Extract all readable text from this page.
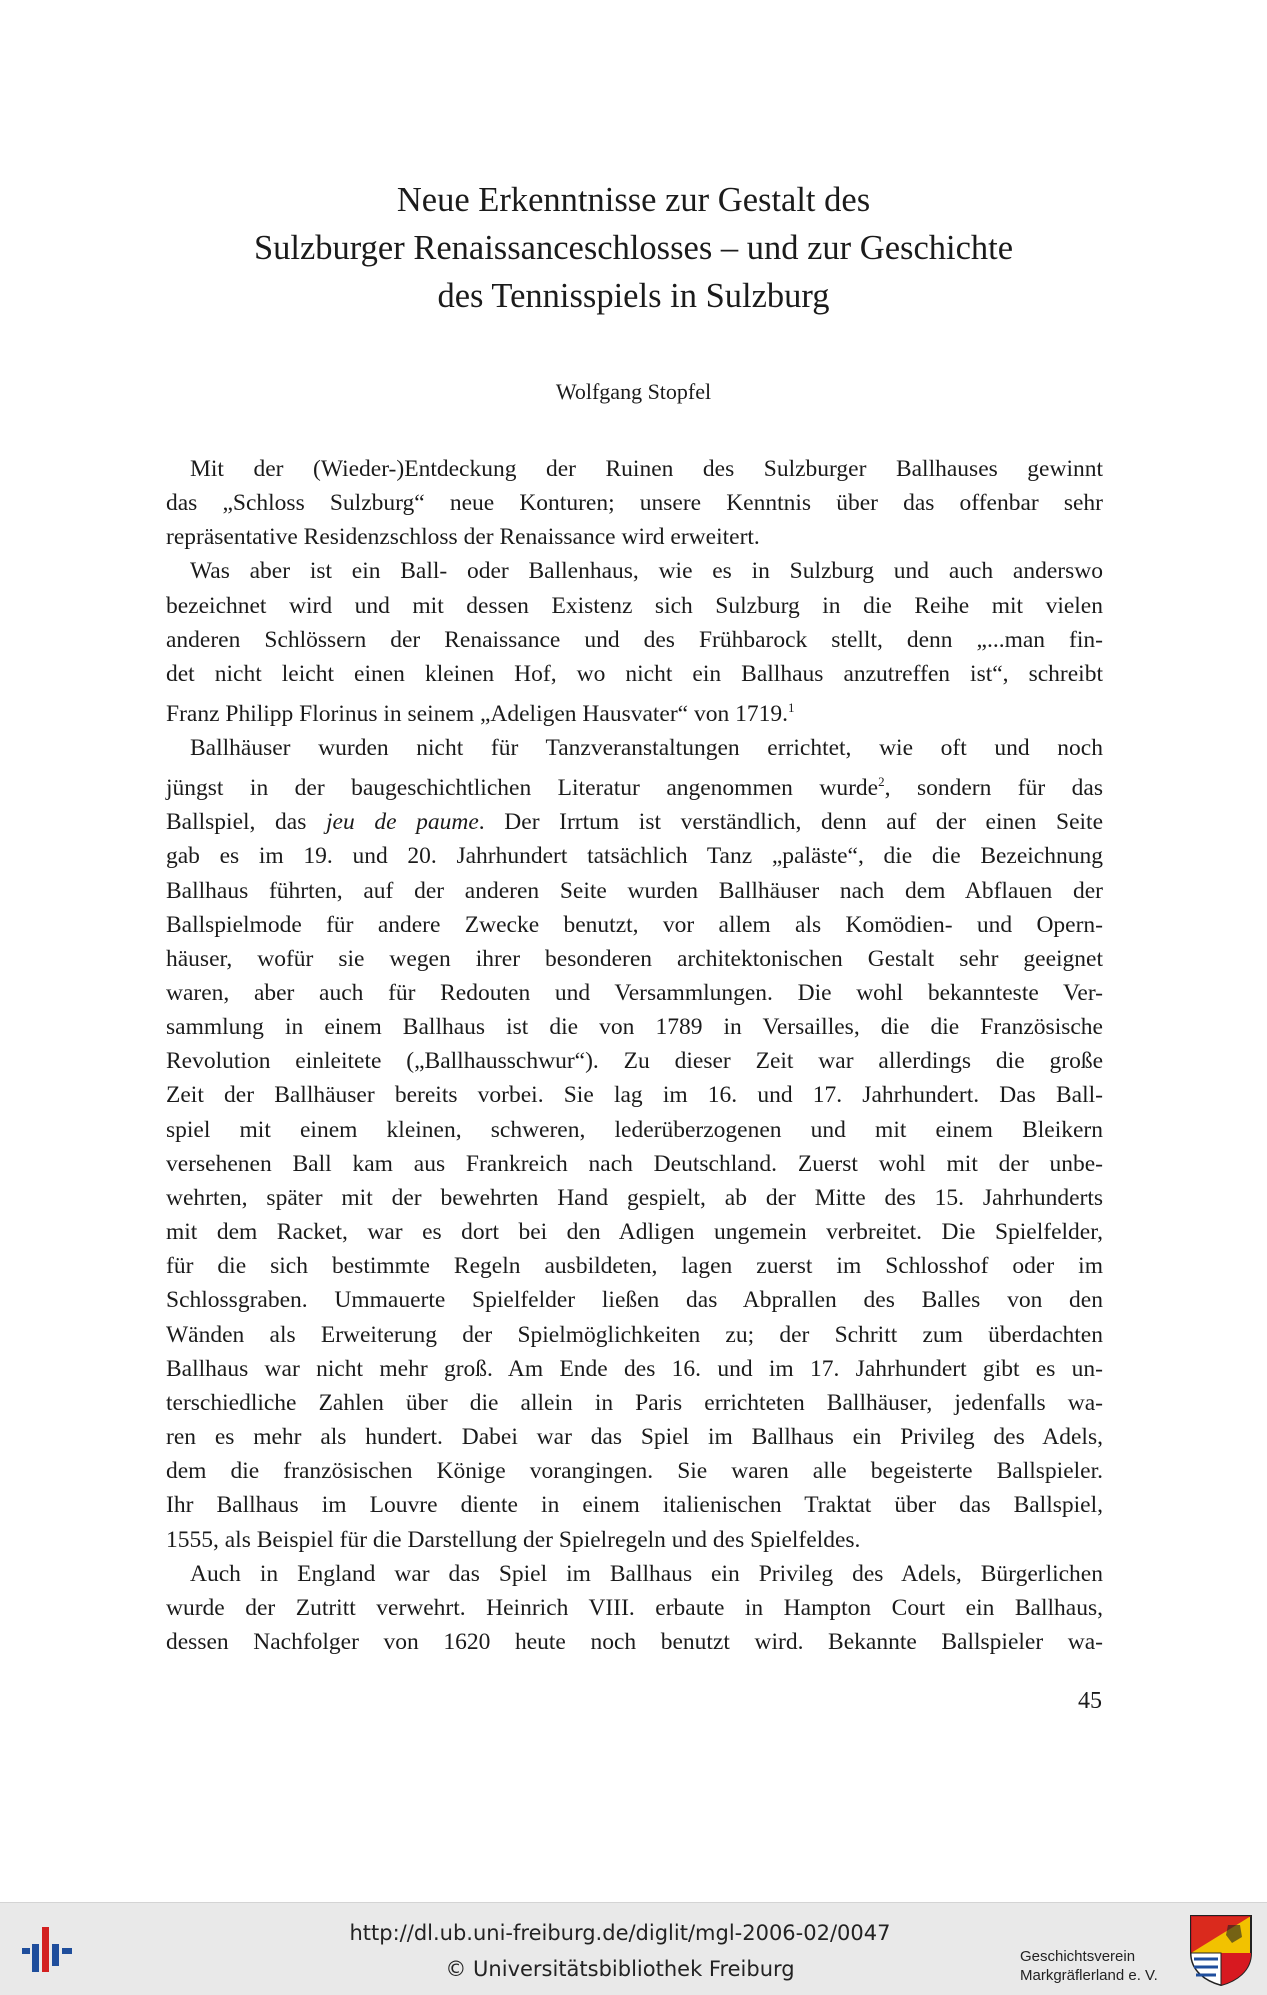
Neue Erkenntnisse zur Gestalt des
Sulzburger Renaissanceschlosses – und zur Geschichte
des Tennisspiels in Sulzburg
Wolfgang Stopfel

Mit der (Wieder-)Entdeckung der Ruinen des Sulzburger Ballhauses gewinnt

das „Schloss Sulzburg“ neue Konturen; unsere Kenntnis über das offenbar sehr

repräsentative Residenzschloss der Renaissance wird erweitert.

Was aber ist ein Ball- oder Ballenhaus, wie es in Sulzburg und auch anderswo

bezeichnet wird und mit dessen Existenz sich Sulzburg in die Reihe mit vielen

anderen Schlössern der Renaissance und des Frühbarock stellt, denn „...man fin-

det nicht leicht einen kleinen Hof, wo nicht ein Ballhaus anzutreffen ist“, schreibt

Franz Philipp Florinus in seinem „Adeligen Hausvater“ von 1719.$^1$

Ballhäuser wurden nicht für Tanzveranstaltungen errichtet, wie oft und noch

jüngst in der baugeschichtlichen Literatur angenommen wurde$^2$, sondern für das

Ballspiel, das jeu de paume. Der Irrtum ist verständlich, denn auf der einen Seite

gab es im 19. und 20. Jahrhundert tatsächlich Tanz „paläste“, die die Bezeichnung

Ballhaus führten, auf der anderen Seite wurden Ballhäuser nach dem Abflauen der

Ballspielmode für andere Zwecke benutzt, vor allem als Komödien- und Opern-

häuser, wofür sie wegen ihrer besonderen architektonischen Gestalt sehr geeignet

waren, aber auch für Redouten und Versammlungen. Die wohl bekannteste Ver-

sammlung in einem Ballhaus ist die von 1789 in Versailles, die die Französische

Revolution einleitete („Ballhausschwur“). Zu dieser Zeit war allerdings die große

Zeit der Ballhäuser bereits vorbei. Sie lag im 16. und 17. Jahrhundert. Das Ball-

spiel mit einem kleinen, schweren, lederüberzogenen und mit einem Bleikern

versehenen Ball kam aus Frankreich nach Deutschland. Zuerst wohl mit der unbe-

wehrten, später mit der bewehrten Hand gespielt, ab der Mitte des 15. Jahrhunderts

mit dem Racket, war es dort bei den Adligen ungemein verbreitet. Die Spielfelder,

für die sich bestimmte Regeln ausbildeten, lagen zuerst im Schlosshof oder im

Schlossgraben. Ummauerte Spielfelder ließen das Abprallen des Balles von den

Wänden als Erweiterung der Spielmöglichkeiten zu; der Schritt zum überdachten

Ballhaus war nicht mehr groß. Am Ende des 16. und im 17. Jahrhundert gibt es un-

terschiedliche Zahlen über die allein in Paris errichteten Ballhäuser, jedenfalls wa-

ren es mehr als hundert. Dabei war das Spiel im Ballhaus ein Privileg des Adels,

dem die französischen Könige vorangingen. Sie waren alle begeisterte Ballspieler.

Ihr Ballhaus im Louvre diente in einem italienischen Traktat über das Ballspiel,

1555, als Beispiel für die Darstellung der Spielregeln und des Spielfeldes.

Auch in England war das Spiel im Ballhaus ein Privileg des Adels, Bürgerlichen

wurde der Zutritt verwehrt. Heinrich VIII. erbaute in Hampton Court ein Ballhaus,

dessen Nachfolger von 1620 heute noch benutzt wird. Bekannte Ballspieler wa-

45
http://dl.ub.uni-freiburg.de/diglit/mgl-2006-02/0047
© Universitätsbibliothek Freiburg
Geschichtsverein
Markgräflerland e. V.
